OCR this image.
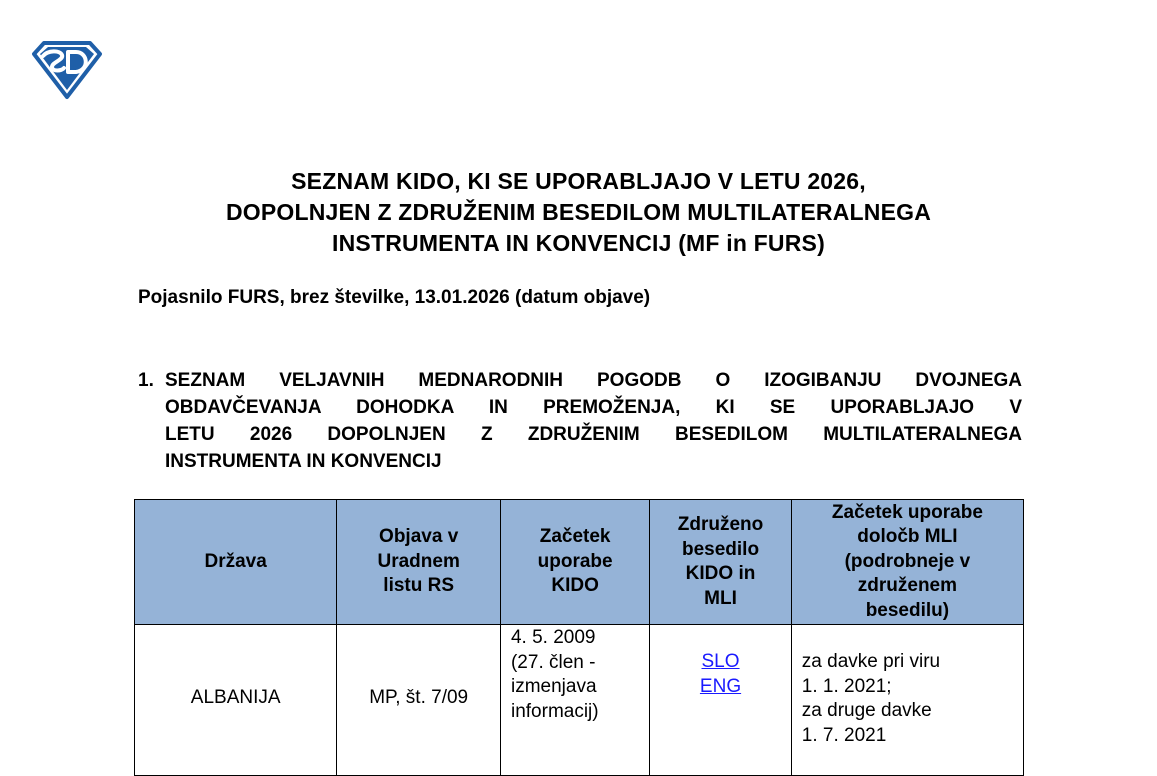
SEZNAM KIDO, KI SE UPORABLJAJO V LETU 2026,
DOPOLNJEN Z ZDRUŽENIM BESEDILOM MULTILATERALNEGA
INSTRUMENTA IN KONVENCIJ (MF in FURS)

Pojasnilo FURS, brez številke, 13.01.2026 (datum objave)

1. SEZNAM VELJAVNIH MEDNARODNIH POGODB O IZOGIBANJU DVOJNEGA
OBDAVČEVANJA DOHODKA IN PREMOŽENJA, KI SE UPORABLJAJO V
LETU 2026 DOPOLNJEN Z ZDRUŽENIM BESEDILOM MULTILATERALNEGA
INSTRUMENTA IN KONVENCIJ
Država	Objava v
Uradnem
listu RS	Začetek
uporabe
KIDO	Združeno
besedilo
KIDO in
MLI	Začetek uporabe
določb MLI
(podrobneje v
združenem
besedilu)

ALBANIJA	MP, št. 7/09	4. 5. 2009
(27. člen -
izmenjava
informacij)	SLO
ENG	za davke pri viru
1. 1. 2021;
za druge davke
1. 7. 2021
